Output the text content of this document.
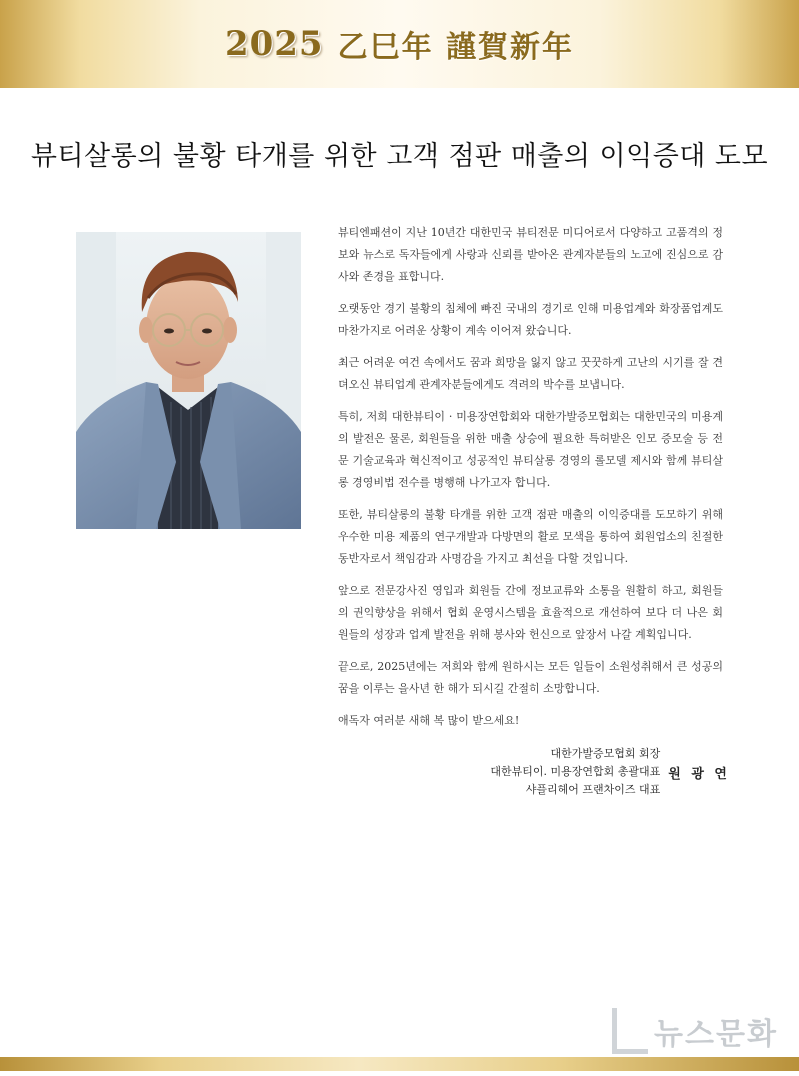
2025 乙巳年 謹賀新年
뷰티살롱의 불황 타개를 위한 고객 점판 매출의 이익증대 도모

뷰티엔패션이 지난 10년간 대한민국 뷰티전문 미디어로서 다양하고 고품격의 정보와 뉴스로 독자들에게 사랑과 신뢰를 받아온 관계자분들의 노고에 진심으로 감사와 존경을 표합니다.

오랫동안 경기 불황의 침체에 빠진 국내의 경기로 인해 미용업계와 화장품업계도 마찬가지로 어려운 상황이 계속 이어져 왔습니다.

최근 어려운 여건 속에서도 꿈과 희망을 잃지 않고 꿋꿋하게 고난의 시기를 잘 견뎌오신 뷰티업계 관계자분들에게도 격려의 박수를 보냅니다.

특히, 저희 대한뷰티이 · 미용장연합회와 대한가발증모협회는 대한민국의 미용계의 발전은 물론, 회원들을 위한 매출 상승에 필요한 특허받은 인모 증모술 등 전문 기술교육과 혁신적이고 성공적인 뷰티살롱 경영의 롤모델 제시와 함께 뷰티살롱 경영비법 전수를 병행해 나가고자 합니다.

또한, 뷰티살롱의 불황 타개를 위한 고객 점판 매출의 이익증대를 도모하기 위해 우수한 미용 제품의 연구개발과 다방면의 활로 모색을 통하여 회원업소의 친절한 동반자로서 책임감과 사명감을 가지고 최선을 다할 것입니다.

앞으로 전문강사진 영입과 회원들 간에 정보교류와 소통을 원활히 하고, 회원들의 권익향상을 위해서 협회 운영시스템을 효율적으로 개선하여 보다 더 나은 회원들의 성장과 업계 발전을 위해 봉사와 헌신으로 앞장서 나갈 계획입니다.

끝으로, 2025년에는 저희와 함께 원하시는 모든 일들이 소원성취해서 큰 성공의 꿈을 이루는 을사년 한 해가 되시길 간절히 소망합니다.

애독자 여러분 새해 복 많이 받으세요!

대한가발증모협회 회장
대한뷰티이. 미용장연합회 총괄대표
샤플리헤어 프랜차이즈 대표
원 광 연
뉴스문화
